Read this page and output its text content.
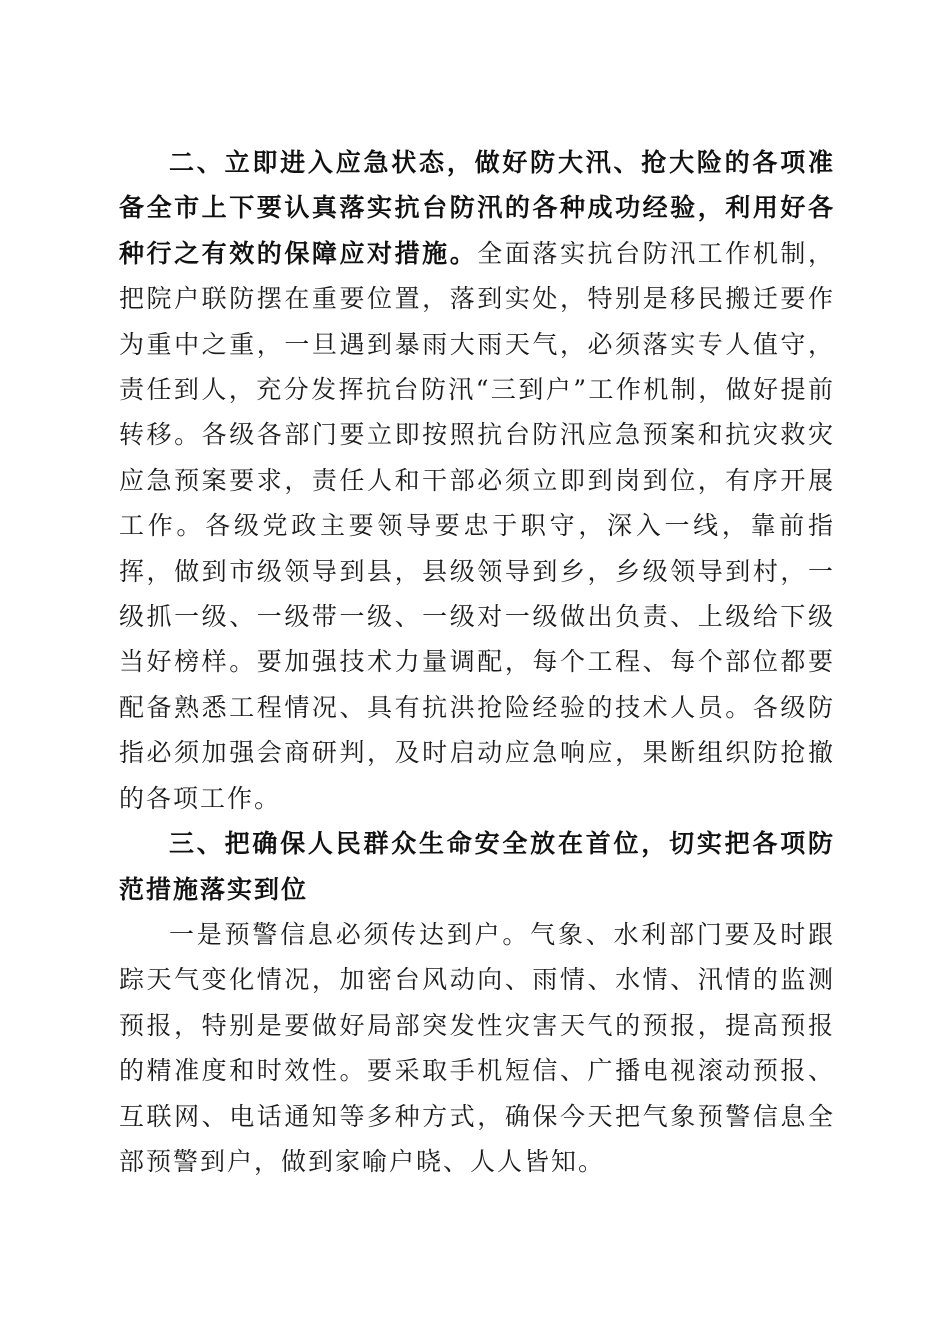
二、立即进入应急状态，做好防大汛、抢大险的各项准备全市上下要认真落实抗台防汛的各种成功经验，利用好各种行之有效的保障应对措施。全面落实抗台防汛工作机制，把院户联防摆在重要位置，落到实处，特别是移民搬迁要作为重中之重，一旦遇到暴雨大雨天气，必须落实专人值守，责任到人，充分发挥抗台防汛“三到户”工作机制，做好提前转移。各级各部门要立即按照抗台防汛应急预案和抗灾救灾应急预案要求，责任人和干部必须立即到岗到位，有序开展工作。各级党政主要领导要忠于职守，深入一线，靠前指挥，做到市级领导到县，县级领导到乡，乡级领导到村，一级抓一级、一级带一级、一级对一级做出负责、上级给下级当好榜样。要加强技术力量调配，每个工程、每个部位都要配备熟悉工程情况、具有抗洪抢险经验的技术人员。各级防指必须加强会商研判，及时启动应急响应，果断组织防抢撤的各项工作。

三、把确保人民群众生命安全放在首位，切实把各项防范措施落实到位

一是预警信息必须传达到户。气象、水利部门要及时跟踪天气变化情况，加密台风动向、雨情、水情、汛情的监测预报，特别是要做好局部突发性灾害天气的预报，提高预报的精准度和时效性。要采取手机短信、广播电视滚动预报、互联网、电话通知等多种方式，确保今天把气象预警信息全部预警到户，做到家喻户晓、人人皆知。
